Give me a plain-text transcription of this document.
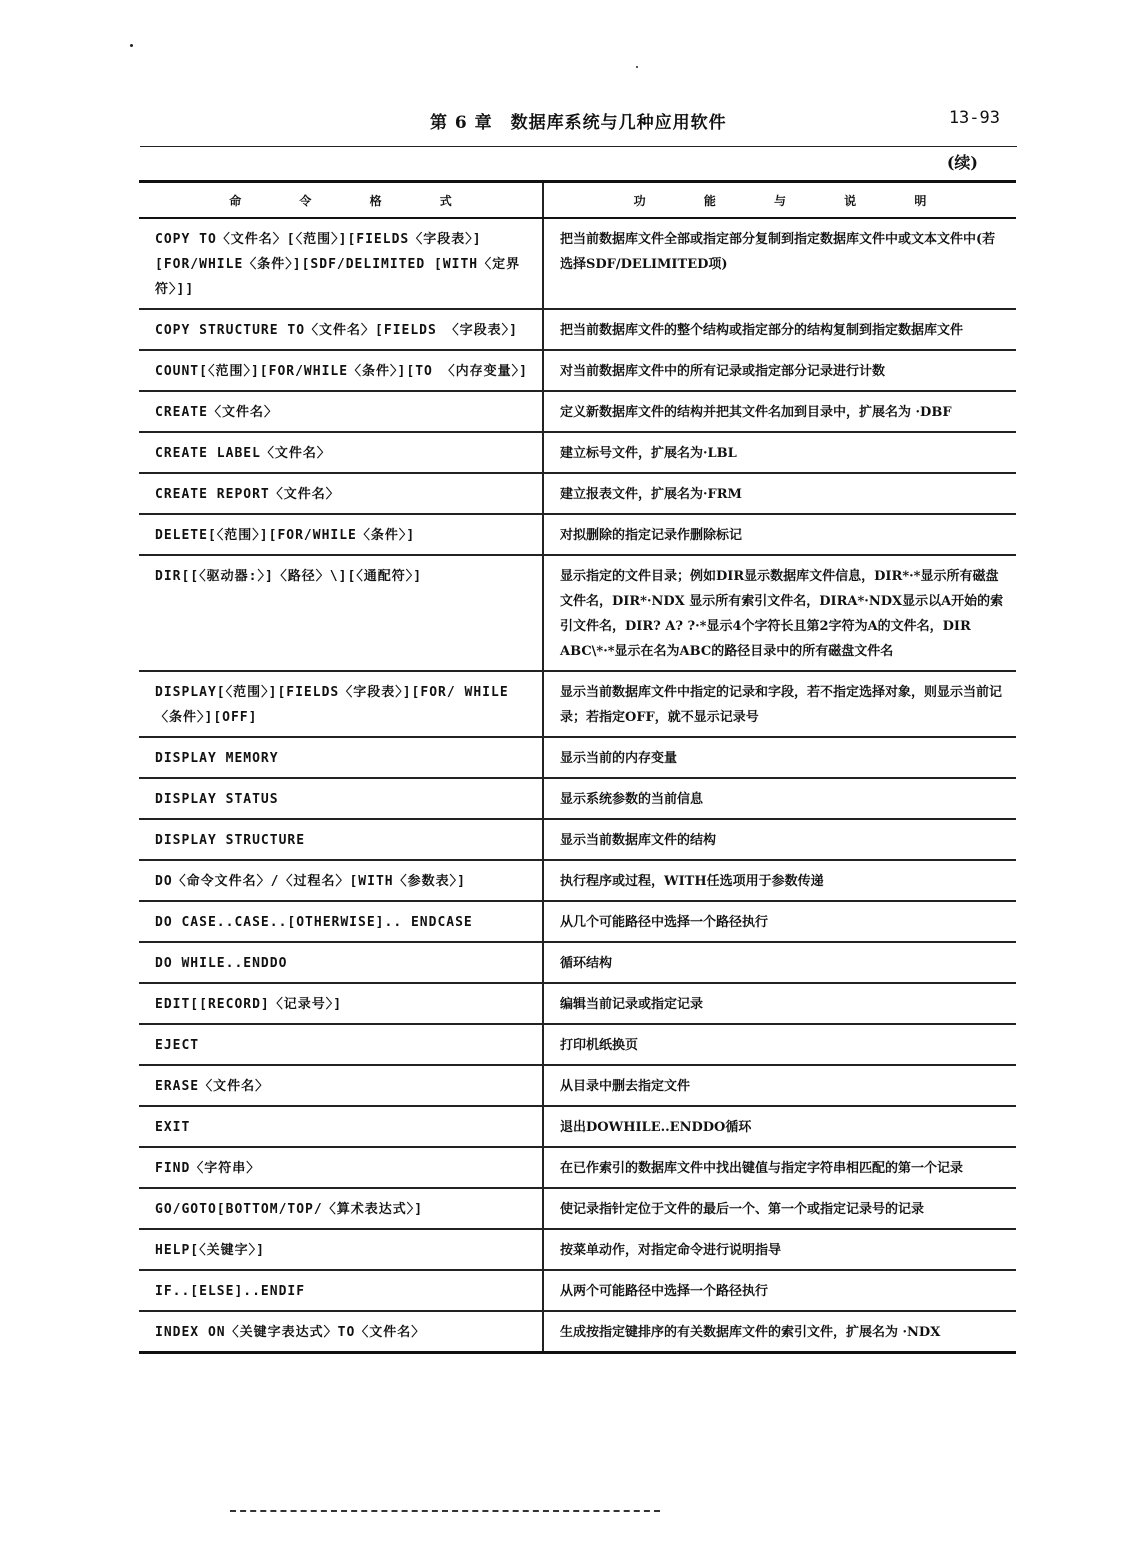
第 6 章　数据库系统与几种应用软件	13-93
(续)
命 令 格 式	功 能 与 说 明
COPY TO〈文件名〉[〈范围〉][FIELDS〈字段表〉][FOR/WHILE〈条件〉][SDF/DELIMITED [WITH〈定界符〉]]	把当前数据库文件全部或指定部分复制到指定数据库文件中或文本文件中(若选择SDF/DELIMITED项)
COPY STRUCTURE TO〈文件名〉[FIELDS 〈字段表〉]	把当前数据库文件的整个结构或指定部分的结构复制到指定数据库文件
COUNT[〈范围〉][FOR/WHILE〈条件〉][TO 〈内存变量〉]	对当前数据库文件中的所有记录或指定部分记录进行计数
CREATE〈文件名〉	定义新数据库文件的结构并把其文件名加到目录中，扩展名为 ·DBF
CREATE LABEL〈文件名〉	建立标号文件，扩展名为·LBL
CREATE REPORT〈文件名〉	建立报表文件，扩展名为·FRM
DELETE[〈范围〉][FOR/WHILE〈条件〉]	对拟删除的指定记录作删除标记
DIR[[〈驱动器:〉]〈路径〉\][〈通配符〉]	显示指定的文件目录；例如DIR显示数据库文件信息，DIR*·*显示所有磁盘文件名，DIR*·NDX 显示所有索引文件名，DIRA*·NDX显示以A开始的索引文件名，DIR? A? ?·*显示4个字符长且第2字符为A的文件名，DIR ABC\*·*显示在名为ABC的路径目录中的所有磁盘文件名
DISPLAY[〈范围〉][FIELDS〈字段表〉][FOR/ WHILE〈条件〉][OFF]	显示当前数据库文件中指定的记录和字段，若不指定选择对象，则显示当前记录；若指定OFF，就不显示记录号
DISPLAY MEMORY	显示当前的内存变量
DISPLAY STATUS	显示系统参数的当前信息
DISPLAY STRUCTURE	显示当前数据库文件的结构
DO〈命令文件名〉/〈过程名〉[WITH〈参数表〉]	执行程序或过程，WITH任选项用于参数传递
DO CASE..CASE..[OTHERWISE].. ENDCASE	从几个可能路径中选择一个路径执行
DO WHILE..ENDDO	循环结构
EDIT[[RECORD]〈记录号〉]	编辑当前记录或指定记录
EJECT	打印机纸换页
ERASE〈文件名〉	从目录中删去指定文件
EXIT	退出DOWHILE..ENDDO循环
FIND〈字符串〉	在已作索引的数据库文件中找出键值与指定字符串相匹配的第一个记录
GO/GOTO[BOTTOM/TOP/〈算术表达式〉]	使记录指针定位于文件的最后一个、第一个或指定记录号的记录
HELP[〈关键字〉]	按菜单动作，对指定命令进行说明指导
IF..[ELSE]..ENDIF	从两个可能路径中选择一个路径执行
INDEX ON〈关键字表达式〉TO〈文件名〉	生成按指定键排序的有关数据库文件的索引文件，扩展名为 ·NDX
